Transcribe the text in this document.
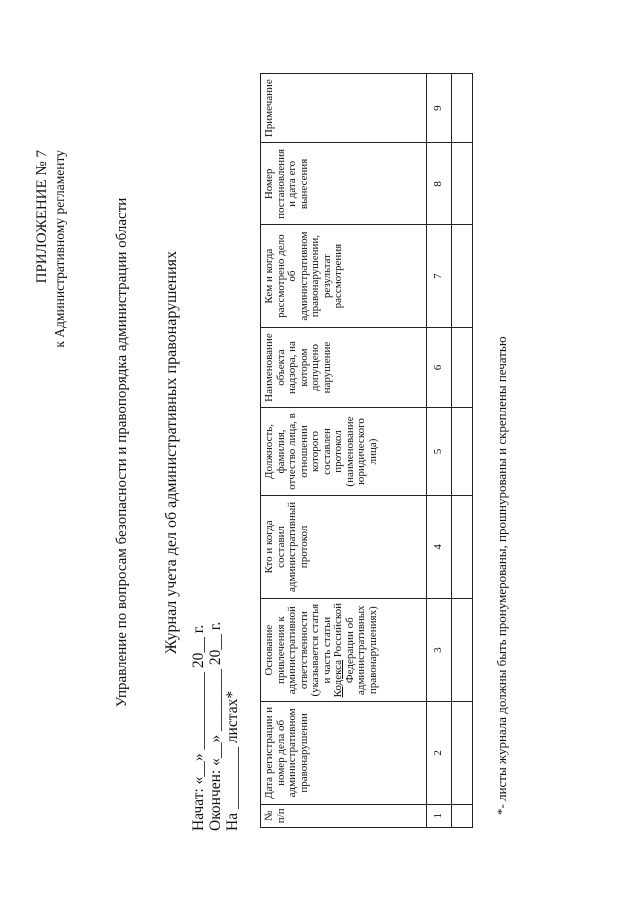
ПРИЛОЖЕНИЕ № 7 к Административному регламенту	Управление по вопросам безопасности и правопорядка администрации области Журнал учета дел об административных правонарушениях
Начат: «__» __________ 20__ г. Окончен: «__» ________ 20__ г. На ________ листах* № п/п	Дата регистрации и номер дела об административном правонарушении	Основание привлечения к административной ответственности (указывается статья и часть статьи Кодекса Российской Федерации об административных правонарушениях)	Кто и когда составил административный протокол	Должность, фамилия, отчество лица, в отношении которого составлен протокол (наименование юридического лица)	Наименование объекта надзора, на котором допущено нарушение	Кем и когда рассмотрено дело об административном правонарушении, результат рассмотрения	Номер постановления и дата его вынесения	Примечание
1	2	3	4	5	6	7	8	9

*- листы журнала должны быть пронумерованы, прошнурованы и скреплены печатью
